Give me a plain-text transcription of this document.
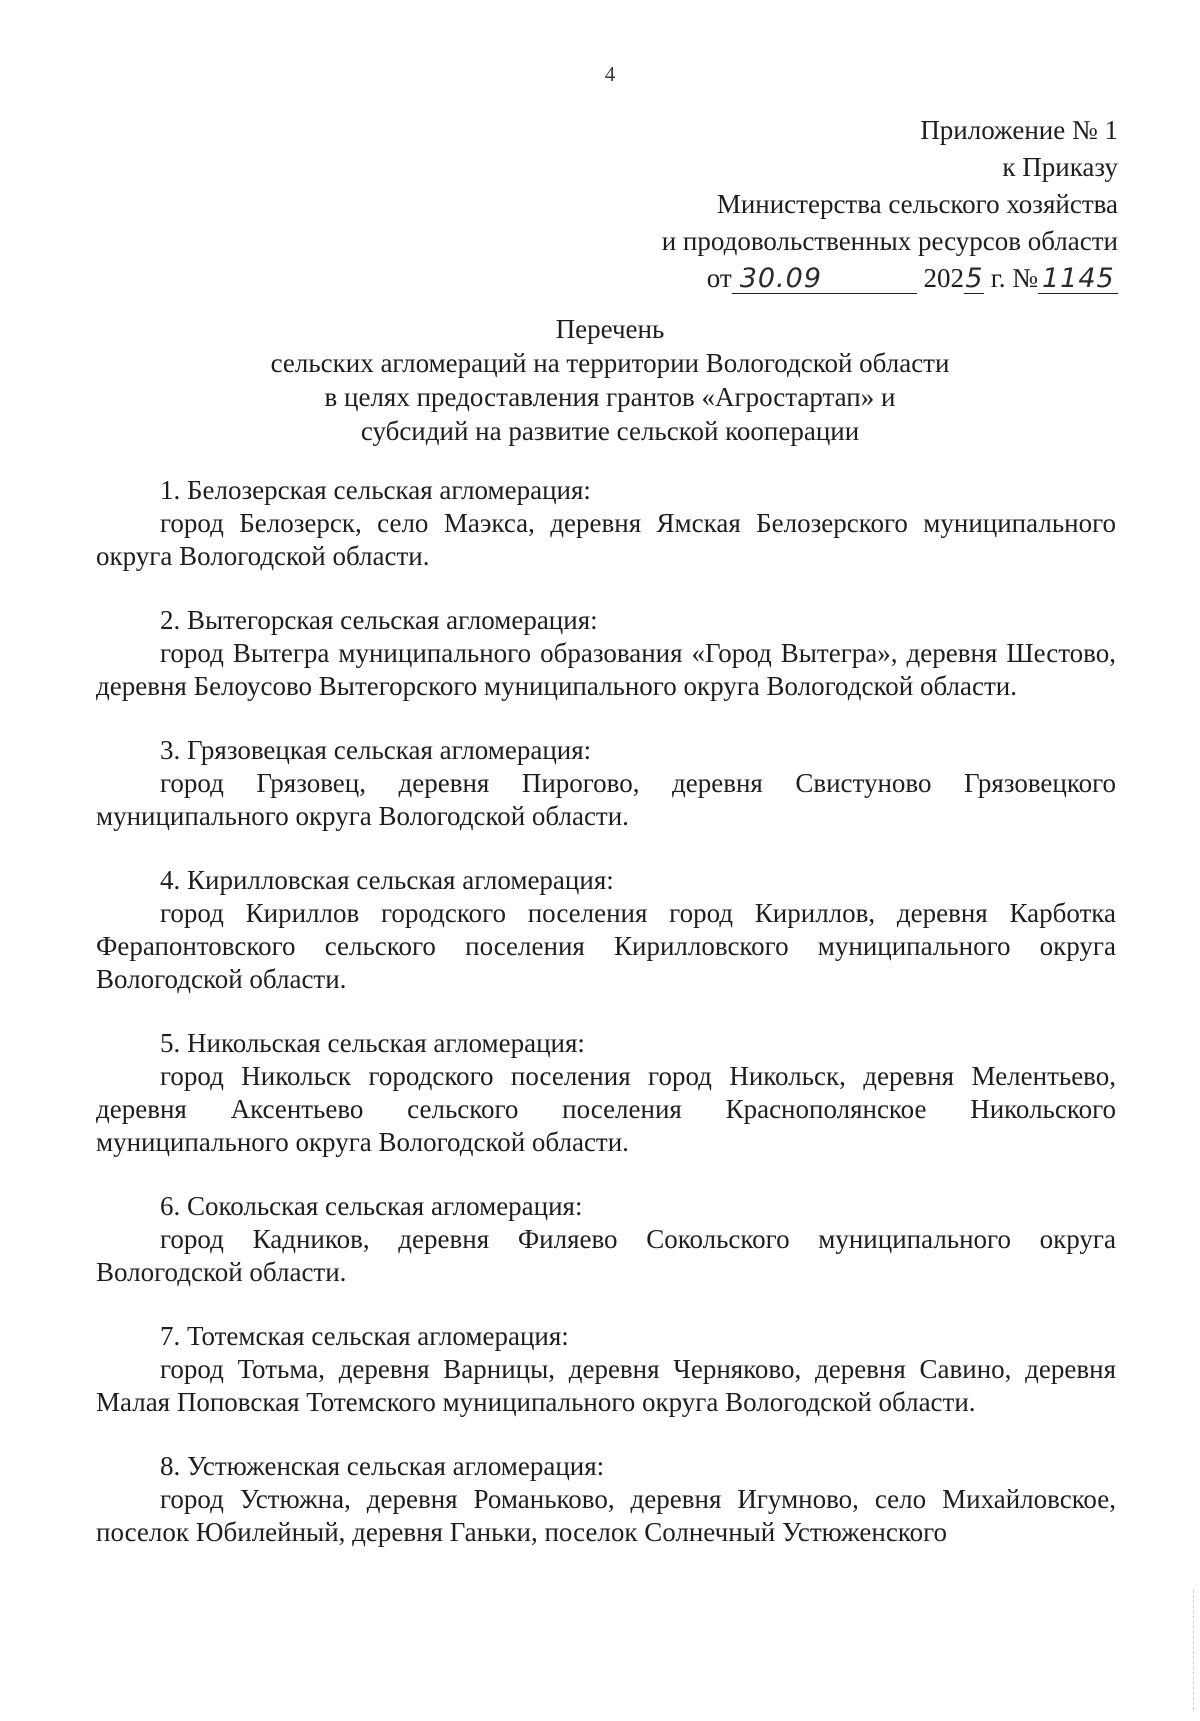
4
Приложение № 1
к Приказу
Министерства сельского хозяйства
и продовольственных ресурсов области
от 30.09	2025 г. № 1145
Перечень
сельских агломераций на территории Вологодской области
в целях предоставления грантов «Агростартап» и
субсидий на развитие сельской кооперации
1. Белозерская сельская агломерация:
город Белозерск, село Маэкса, деревня Ямская Белозерского муниципального округа Вологодской области.
2. Вытегорская сельская агломерация:
город Вытегра муниципального образования «Город Вытегра», деревня Шестово, деревня Белоусово Вытегорского муниципального округа Вологодской области.
3. Грязовецкая сельская агломерация:
город Грязовец, деревня Пирогово, деревня Свистуново Грязовецкого муниципального округа Вологодской области.
4. Кирилловская сельская агломерация:
город Кириллов городского поселения город Кириллов, деревня Карботка Ферапонтовского сельского поселения Кирилловского муниципального округа Вологодской области.
5. Никольская сельская агломерация:
город Никольск городского поселения город Никольск, деревня Мелентьево, деревня Аксентьево сельского поселения Краснополянское Никольского муниципального округа Вологодской области.
6. Сокольская сельская агломерация:
город Кадников, деревня Филяево Сокольского муниципального округа Вологодской области.
7. Тотемская сельская агломерация:
город Тотьма, деревня Варницы, деревня Черняково, деревня Савино, деревня Малая Поповская Тотемского муниципального округа Вологодской области.
8. Устюженская сельская агломерация:
город Устюжна, деревня Романьково, деревня Игумново, село Михайловское, поселок Юбилейный, деревня Ганьки, поселок Солнечный Устюженского
